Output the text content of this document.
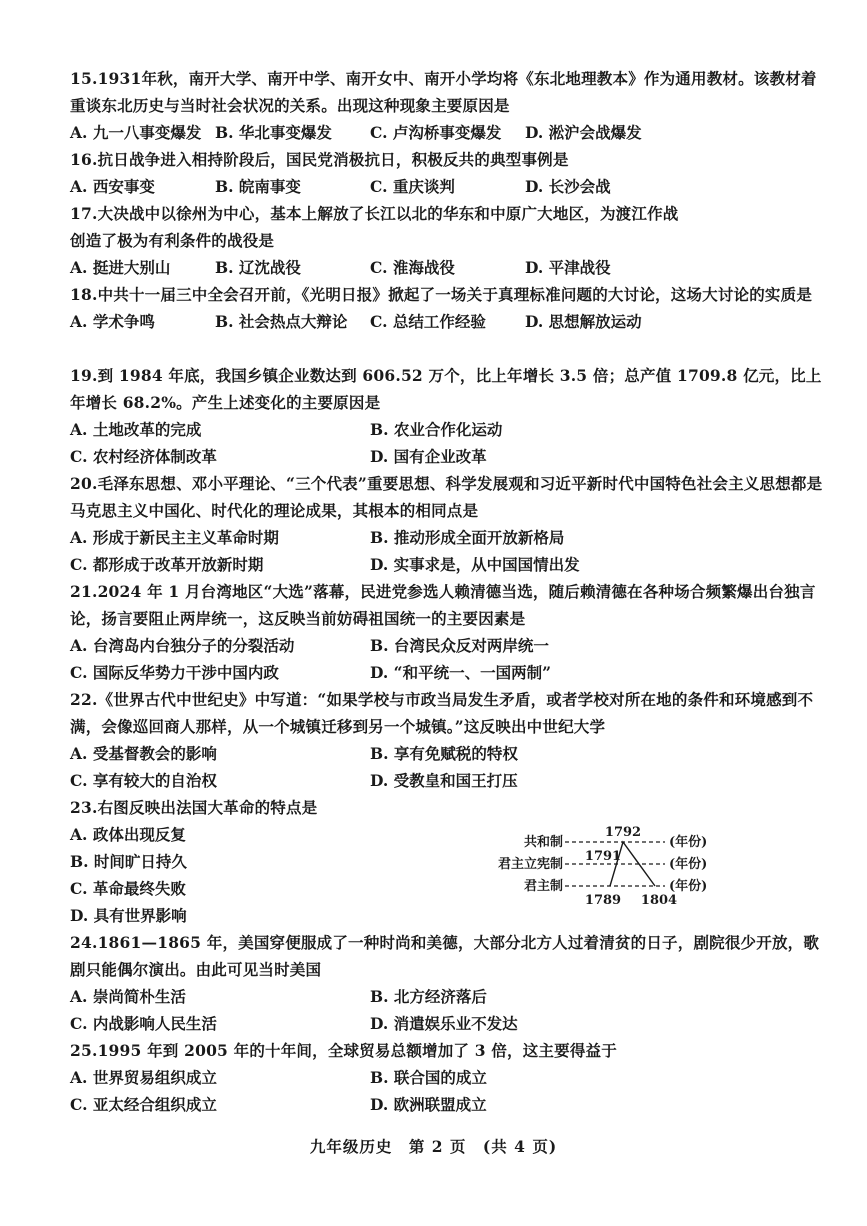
15.1931年秋，南开大学、南开中学、南开女中、南开小学均将《东北地理教本》作为通用教材。该教材着重谈东北历史与当时社会状况的关系。出现这种现象主要原因是
A. 九一八事变爆发 B. 华北事变爆发 C. 卢沟桥事变爆发 D. 淞沪会战爆发
16.抗日战争进入相持阶段后，国民党消极抗日，积极反共的典型事例是
A. 西安事变	B. 皖南事变	C. 重庆谈判	D. 长沙会战
17.大决战中以徐州为中心，基本上解放了长江以北的华东和中原广大地区，为渡江作战创造了极为有利条件的战役是
A. 挺进大别山	B. 辽沈战役	C. 淮海战役	D. 平津战役
18.中共十一届三中全会召开前，《光明日报》掀起了一场关于真理标准问题的大讨论，这场大讨论的实质是
A. 学术争鸣	B. 社会热点大辩论 C. 总结工作经验	D. 思想解放运动
19.到 1984 年底，我国乡镇企业数达到 606.52 万个，比上年增长 3.5 倍；总产值 1709.8 亿元，比上年增长 68.2%。产生上述变化的主要原因是
A. 土地改革的完成	B. 农业合作化运动
C. 农村经济体制改革	D. 国有企业改革
20.毛泽东思想、邓小平理论、“三个代表”重要思想、科学发展观和习近平新时代中国特色社会主义思想都是马克思主义中国化、时代化的理论成果，其根本的相同点是
A. 形成于新民主主义革命时期	B. 推动形成全面开放新格局
C. 都形成于改革开放新时期	D. 实事求是，从中国国情出发
21.2024 年 1 月台湾地区“大选”落幕，民进党参选人赖清德当选，随后赖清德在各种场合频繁爆出台独言论，扬言要阻止两岸统一，这反映当前妨碍祖国统一的主要因素是
A. 台湾岛内台独分子的分裂活动	B. 台湾民众反对两岸统一
C. 国际反华势力干涉中国内政	D. “和平统一、一国两制”
22.《世界古代中世纪史》中写道：“如果学校与市政当局发生矛盾，或者学校对所在地的条件和环境感到不满，会像巡回商人那样，从一个城镇迁移到另一个城镇。”这反映出中世纪大学
A. 受基督教会的影响	B. 享有免赋税的特权
C. 享有较大的自治权	D. 受教皇和国王打压
23.右图反映出法国大革命的特点是
A. 政体出现反复
B. 时间旷日持久
C. 革命最终失败
D. 具有世界影响
共和制
君主立宪制
君主制
1792
1791
1789 1804
(年份)
(年份)
(年份)
24.1861—1865 年，美国穿便服成了一种时尚和美德，大部分北方人过着清贫的日子，剧院很少开放，歌剧只能偶尔演出。由此可见当时美国
A. 崇尚简朴生活	B. 北方经济落后
C. 内战影响人民生活	D. 消遣娱乐业不发达
25.1995 年到 2005 年的十年间，全球贸易总额增加了 3 倍，这主要得益于
A. 世界贸易组织成立	B. 联合国的成立
C. 亚太经合组织成立	D. 欧洲联盟成立
九年级历史　第 2 页　(共 4 页)
